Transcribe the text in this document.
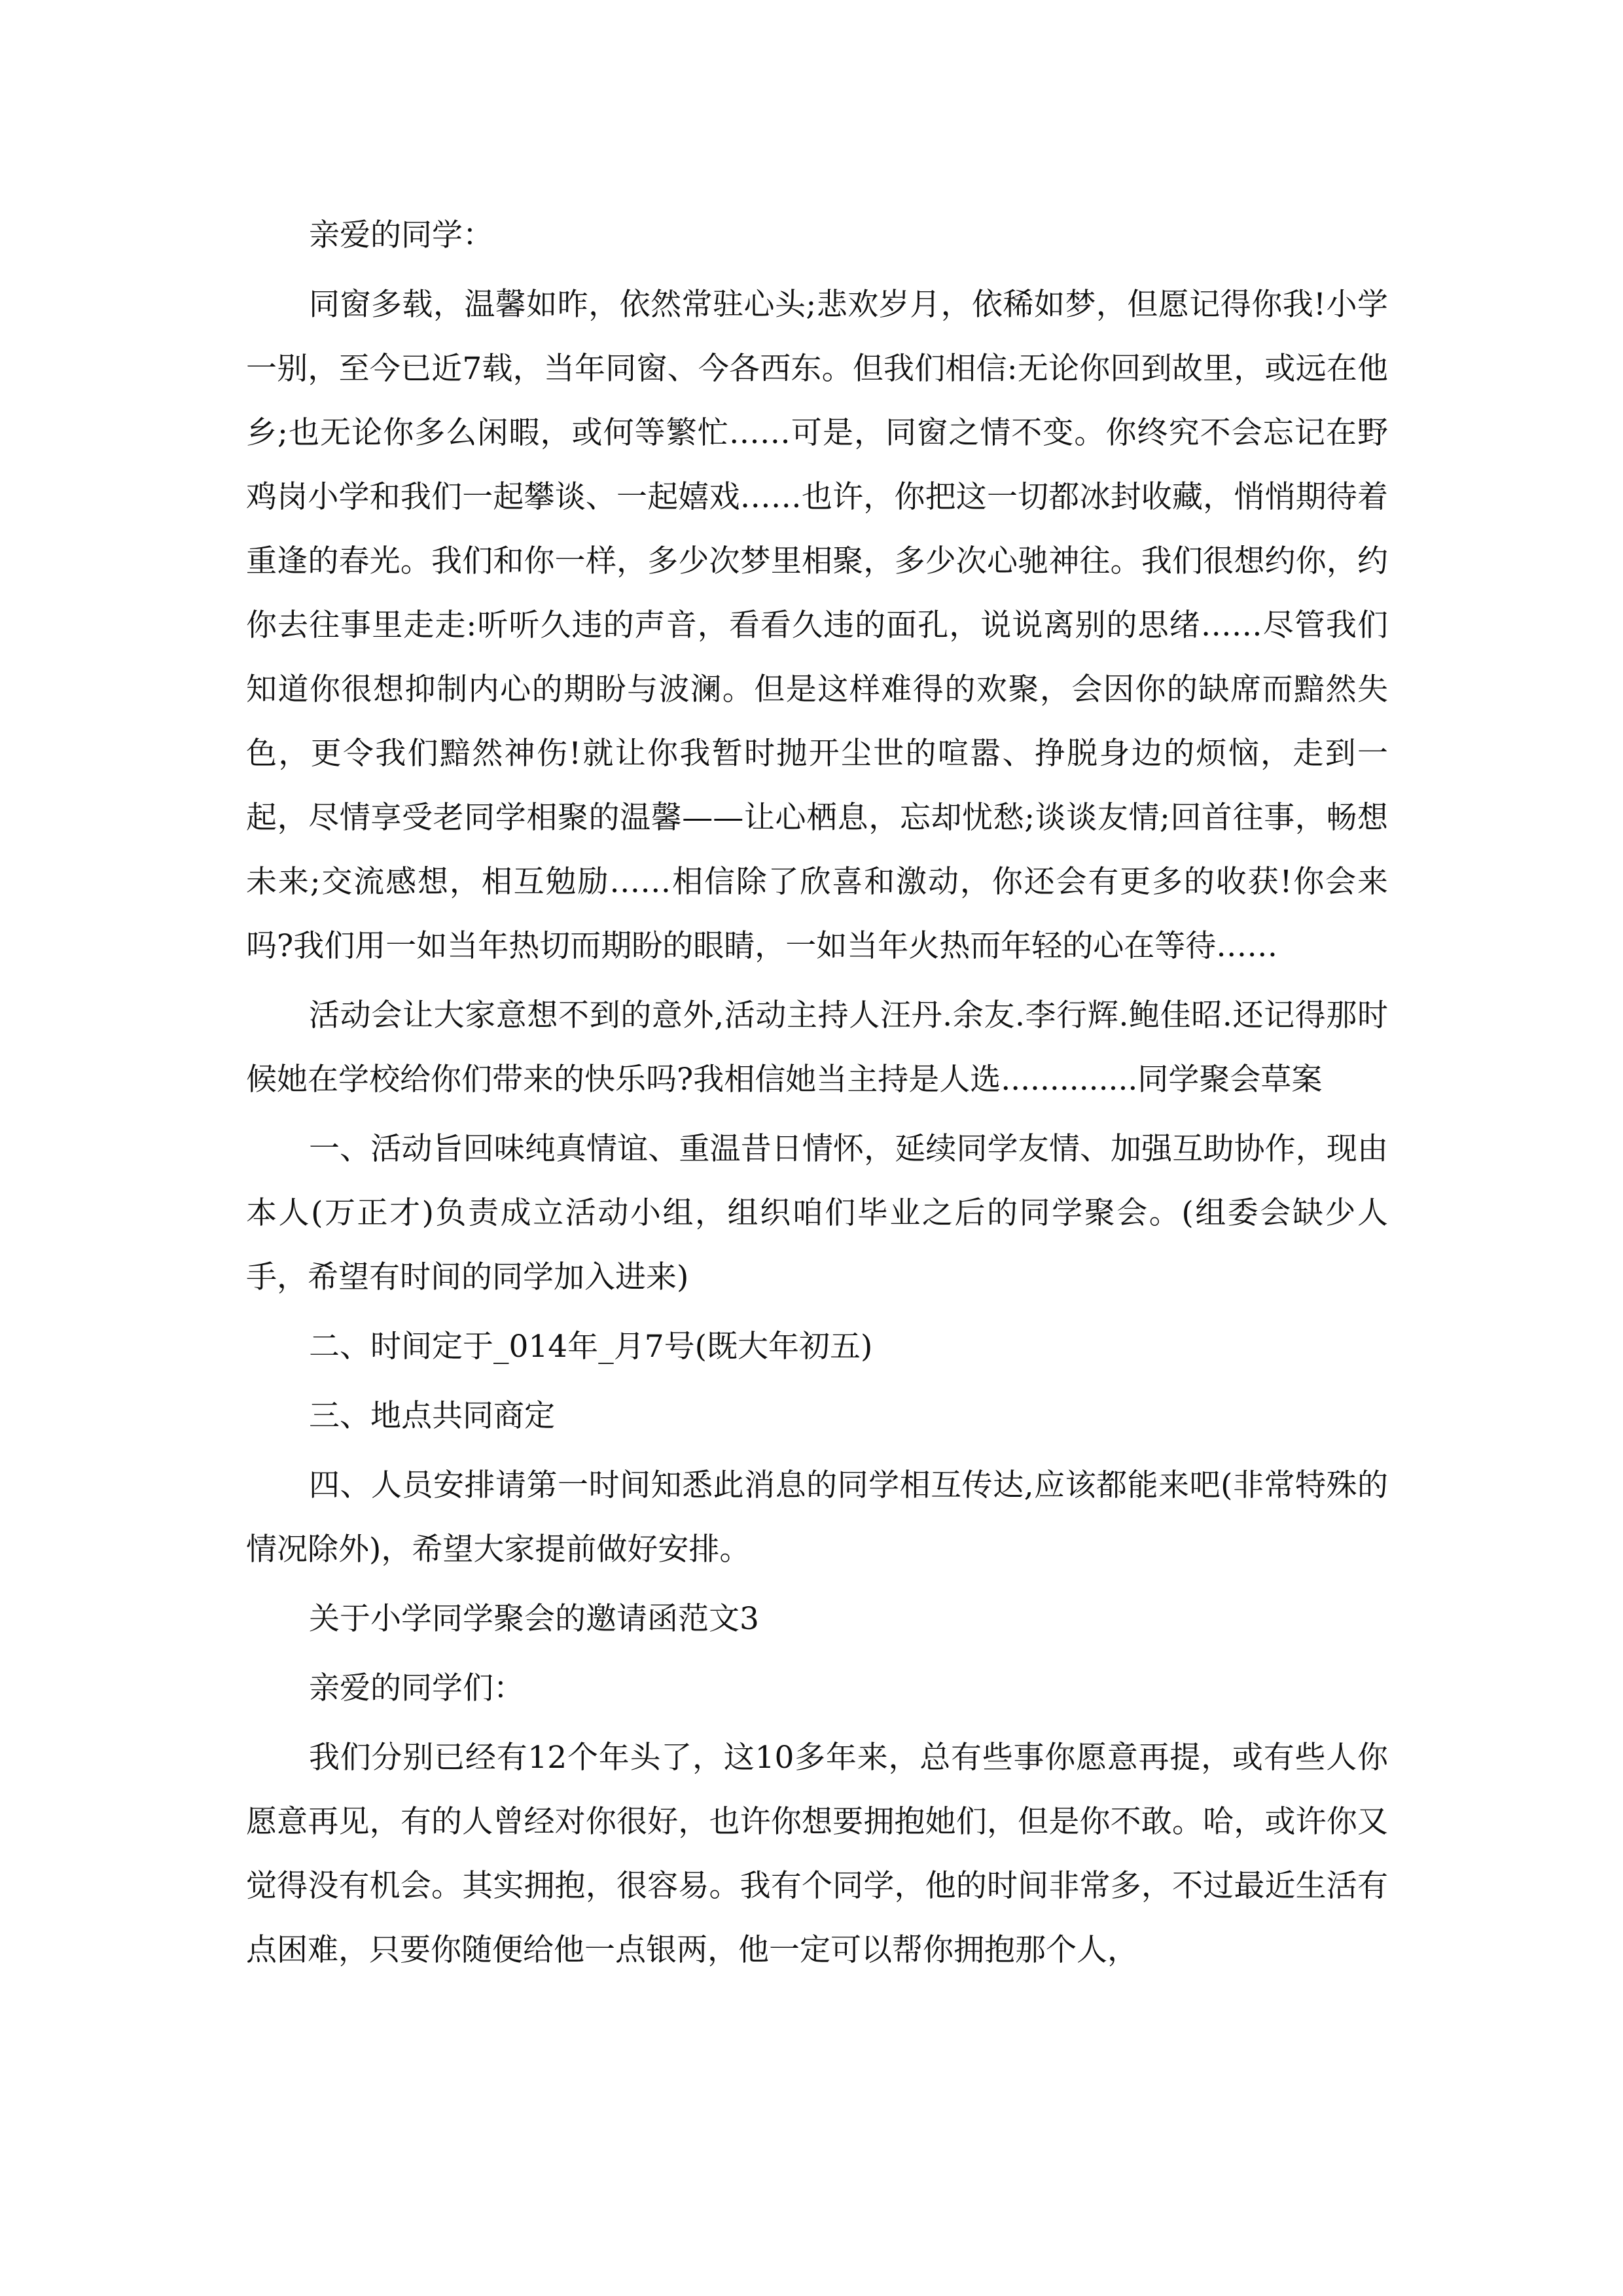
亲爱的同学：

同窗多载，温馨如昨，依然常驻心头;悲欢岁月，依稀如梦，但愿记得你我!小学一别，至今已近7载，当年同窗、今各西东。但我们相信:无论你回到故里，或远在他乡;也无论你多么闲暇，或何等繁忙……可是，同窗之情不变。你终究不会忘记在野鸡岗小学和我们一起攀谈、一起嬉戏……也许，你把这一切都冰封收藏，悄悄期待着重逢的春光。我们和你一样，多少次梦里相聚，多少次心驰神往。我们很想约你，约你去往事里走走:听听久违的声音，看看久违的面孔，说说离别的思绪……尽管我们知道你很想抑制内心的期盼与波澜。但是这样难得的欢聚，会因你的缺席而黯然失色，更令我们黯然神伤!就让你我暂时抛开尘世的喧嚣、挣脱身边的烦恼，走到一起，尽情享受老同学相聚的温馨——让心栖息，忘却忧愁;谈谈友情;回首往事，畅想未来;交流感想，相互勉励……相信除了欣喜和激动，你还会有更多的收获!你会来吗?我们用一如当年热切而期盼的眼睛，一如当年火热而年轻的心在等待……

活动会让大家意想不到的意外,活动主持人汪丹.余友.李行辉.鲍佳昭.还记得那时候她在学校给你们带来的快乐吗?我相信她当主持是人选..............同学聚会草案

一、活动旨回味纯真情谊、重温昔日情怀，延续同学友情、加强互助协作，现由本人(万正才)负责成立活动小组，组织咱们毕业之后的同学聚会。(组委会缺少人手，希望有时间的同学加入进来)

二、时间定于_014年_月7号(既大年初五)

三、地点共同商定

四、人员安排请第一时间知悉此消息的同学相互传达,应该都能来吧(非常特殊的情况除外)，希望大家提前做好安排。

关于小学同学聚会的邀请函范文3

亲爱的同学们：

我们分别已经有12个年头了，这10多年来，总有些事你愿意再提，或有些人你愿意再见，有的人曾经对你很好，也许你想要拥抱她们，但是你不敢。哈，或许你又觉得没有机会。其实拥抱，很容易。我有个同学，他的时间非常多，不过最近生活有点困难，只要你随便给他一点银两，他一定可以帮你拥抱那个人，
